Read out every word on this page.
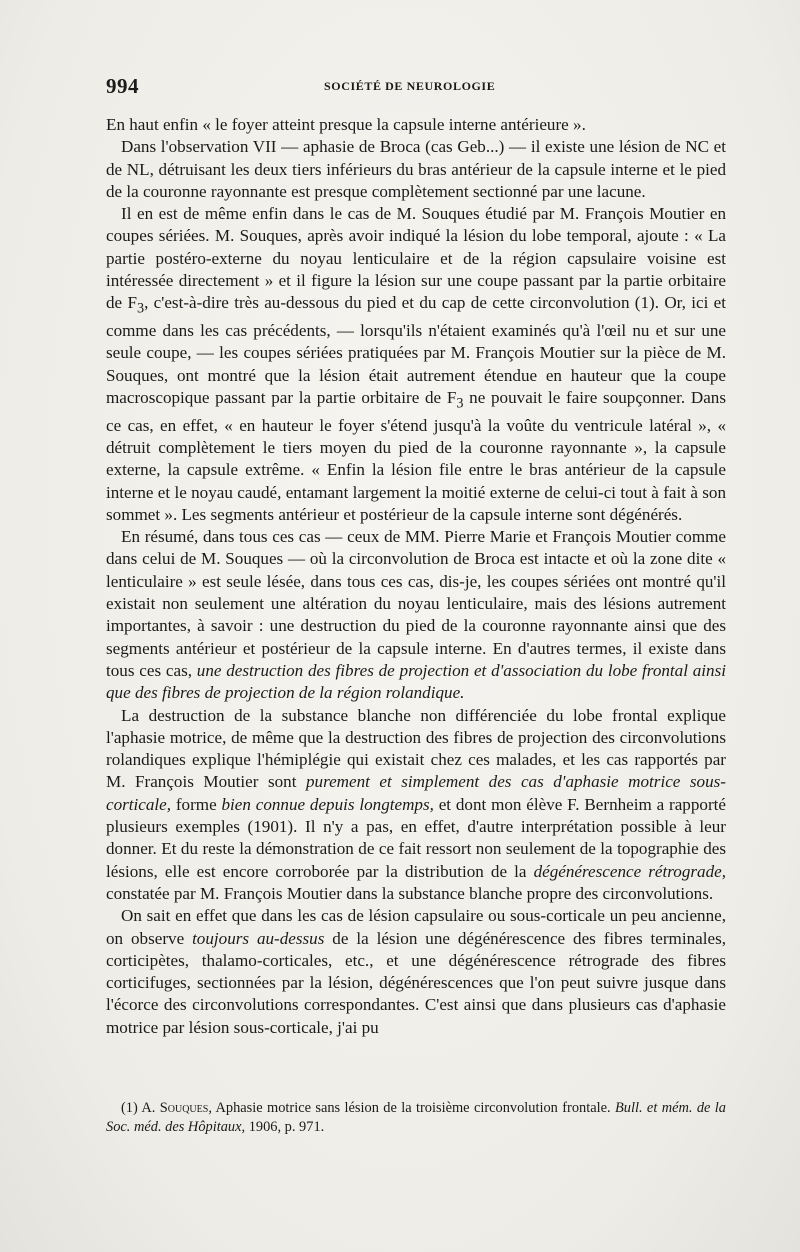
994	SOCIÉTÉ DE NEUROLOGIE

En haut enfin « le foyer atteint presque la capsule interne antérieure ».

Dans l'observation VII — aphasie de Broca (cas Geb...) — il existe une lésion de NC et de NL, détruisant les deux tiers inférieurs du bras antérieur de la capsule interne et le pied de la couronne rayonnante est presque complètement sectionné par une lacune.

Il en est de même enfin dans le cas de M. Souques étudié par M. François Moutier en coupes sériées. M. Souques, après avoir indiqué la lésion du lobe temporal, ajoute : « La partie postéro-externe du noyau lenticulaire et de la région capsulaire voisine est intéressée directement » et il figure la lésion sur une coupe passant par la partie orbitaire de $F_3$, c'est-à-dire très au-dessous du pied et du cap de cette circonvolution (1). Or, ici et comme dans les cas précédents, — lorsqu'ils n'étaient examinés qu'à l'œil nu et sur une seule coupe, — les coupes sériées pratiquées par M. François Moutier sur la pièce de M. Souques, ont montré que la lésion était autrement étendue en hauteur que la coupe macroscopique passant par la partie orbitaire de $F_3$ ne pouvait le faire soupçonner. Dans ce cas, en effet, « en hauteur le foyer s'étend jusqu'à la voûte du ventricule latéral », « détruit complètement le tiers moyen du pied de la couronne rayonnante », la capsule externe, la capsule extrême. « Enfin la lésion file entre le bras antérieur de la capsule interne et le noyau caudé, entamant largement la moitié externe de celui-ci tout à fait à son sommet ». Les segments antérieur et postérieur de la capsule interne sont dégénérés.

En résumé, dans tous ces cas — ceux de MM. Pierre Marie et François Moutier comme dans celui de M. Souques — où la circonvolution de Broca est intacte et où la zone dite « lenticulaire » est seule lésée, dans tous ces cas, dis-je, les coupes sériées ont montré qu'il existait non seulement une altération du noyau lenticulaire, mais des lésions autrement importantes, à savoir : une destruction du pied de la couronne rayonnante ainsi que des segments antérieur et postérieur de la capsule interne. En d'autres termes, il existe dans tous ces cas, une destruction des fibres de projection et d'association du lobe frontal ainsi que des fibres de projection de la région rolandique.

La destruction de la substance blanche non différenciée du lobe frontal explique l'aphasie motrice, de même que la destruction des fibres de projection des circonvolutions rolandiques explique l'hémiplégie qui existait chez ces malades, et les cas rapportés par M. François Moutier sont purement et simplement des cas d'aphasie motrice sous-corticale, forme bien connue depuis longtemps, et dont mon élève F. Bernheim a rapporté plusieurs exemples (1901). Il n'y a pas, en effet, d'autre interprétation possible à leur donner. Et du reste la démonstration de ce fait ressort non seulement de la topographie des lésions, elle est encore corroborée par la distribution de la dégénérescence rétrograde, constatée par M. François Moutier dans la substance blanche propre des circonvolutions.

On sait en effet que dans les cas de lésion capsulaire ou sous-corticale un peu ancienne, on observe toujours au-dessus de la lésion une dégénérescence des fibres terminales, corticipètes, thalamo-corticales, etc., et une dégénérescence rétrograde des fibres corticifuges, sectionnées par la lésion, dégénérescences que l'on peut suivre jusque dans l'écorce des circonvolutions correspondantes. C'est ainsi que dans plusieurs cas d'aphasie motrice par lésion sous-corticale, j'ai pu

(1) A. Souques, Aphasie motrice sans lésion de la troisième circonvolution frontale. Bull. et mém. de la Soc. méd. des Hôpitaux, 1906, p. 971.
